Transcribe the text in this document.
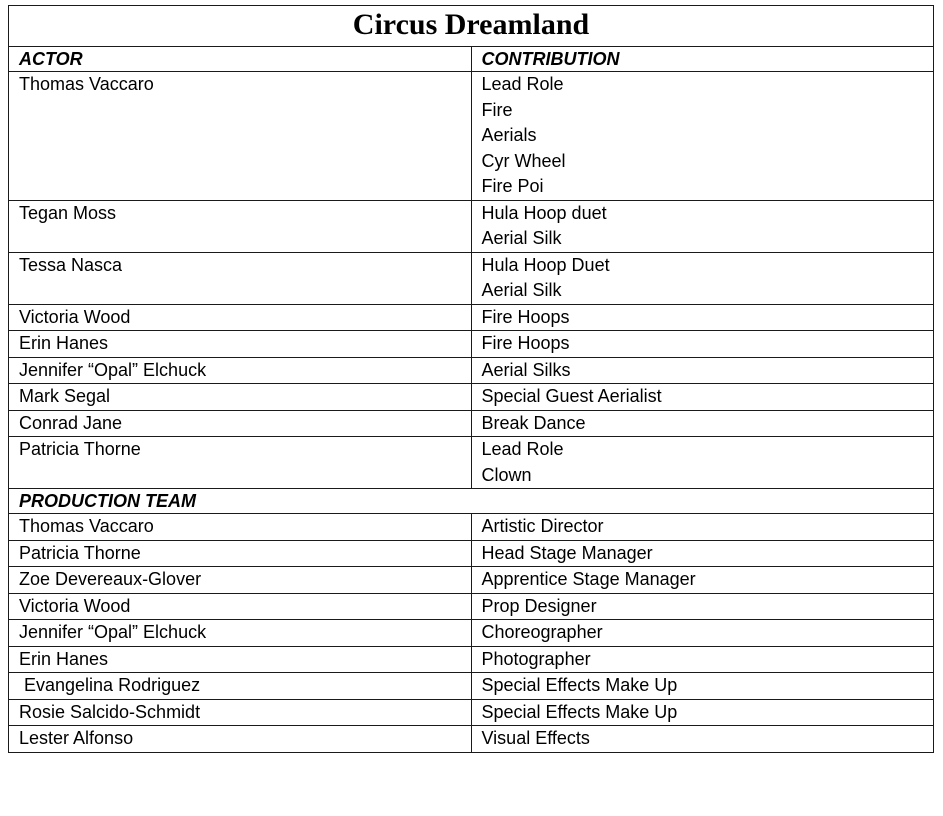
Circus Dreamland	
ACTOR	CONTRIBUTION

Thomas Vaccaro	Lead Role
Fire
Aerials
Cyr Wheel
Fire Poi

Tegan Moss	Hula Hoop duet
Aerial Silk

Tessa Nasca	Hula Hoop Duet
Aerial Silk

Victoria Wood	Fire Hoops

Erin Hanes	Fire Hoops

Jennifer “Opal” Elchuck	Aerial Silks

Mark Segal	Special Guest Aerialist

Conrad Jane	Break Dance

Patricia Thorne	Lead Role
Clown

PRODUCTION TEAM	

Thomas Vaccaro	Artistic Director

Patricia Thorne	Head Stage Manager

Zoe Devereaux-Glover	Apprentice Stage Manager

Victoria Wood	Prop Designer

Jennifer “Opal” Elchuck	Choreographer

Erin Hanes	Photographer

Evangelina Rodriguez	Special Effects Make Up

Rosie Salcido-Schmidt	Special Effects Make Up

Lester Alfonso	Visual Effects
